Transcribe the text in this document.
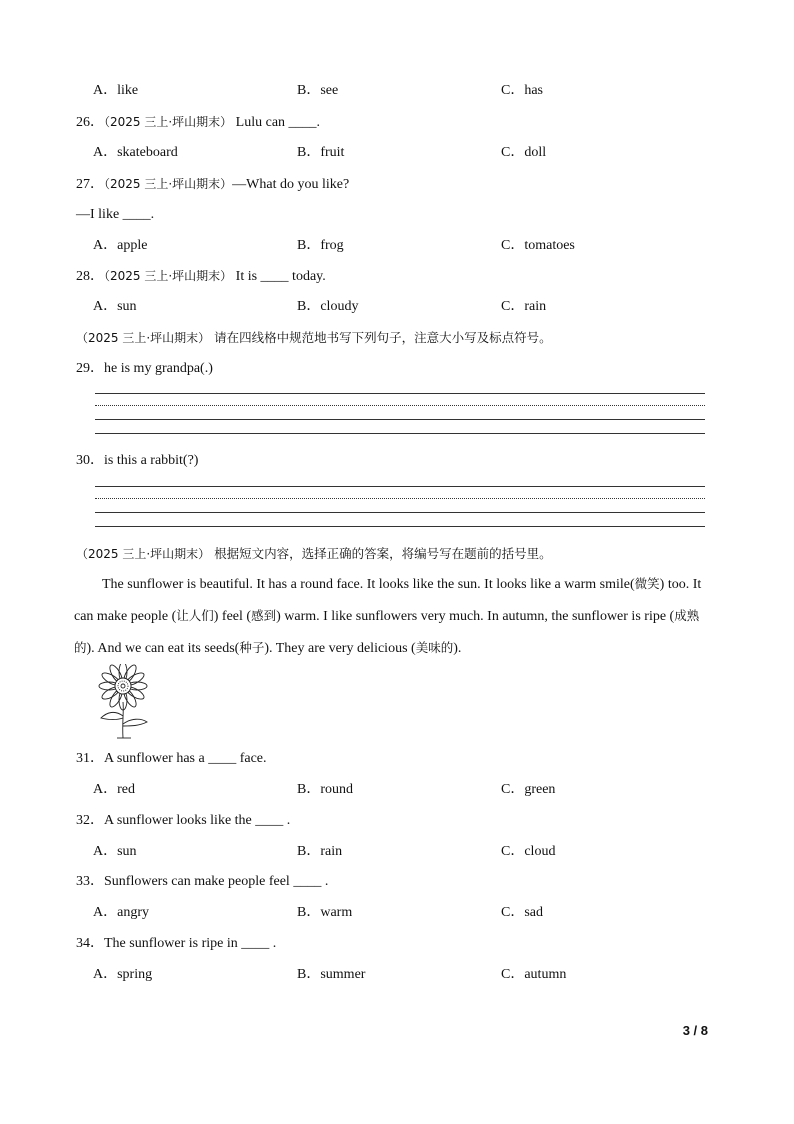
A．like	B．see	C．has
26．（2025 三上·坪山期末） Lulu can ____.
A．skateboard	B．fruit	C．doll
27．（2025 三上·坪山期末）—What do you like?
—I like ____.
A．apple	B．frog	C．tomatoes
28．（2025 三上·坪山期末） It is ____ today.
A．sun	B．cloudy	C．rain
（2025 三上·坪山期末） 请在四线格中规范地书写下列句子，注意大小写及标点符号。
29．he is my grandpa(.)
30．is this a rabbit(?)
（2025 三上·坪山期末） 根据短文内容，选择正确的答案，将编号写在题前的括号里。

The sunflower is beautiful. It has a round face. It looks like the sun. It looks like a warm smile(微笑) too. It can make people (让人们) feel (感到) warm. I like sunflowers very much. In autumn, the sunflower is ripe (成熟的). And we can eat its seeds(种子). They are very delicious (美味的).

31．A sunflower has a ____ face.
A．red	B．round	C．green
32．A sunflower looks like the ____ .
A．sun	B．rain	C．cloud
33．Sunflowers can make people feel ____ .
A．angry	B．warm	C．sad
34．The sunflower is ripe in ____ .
A．spring	B．summer	C．autumn
3 / 8
